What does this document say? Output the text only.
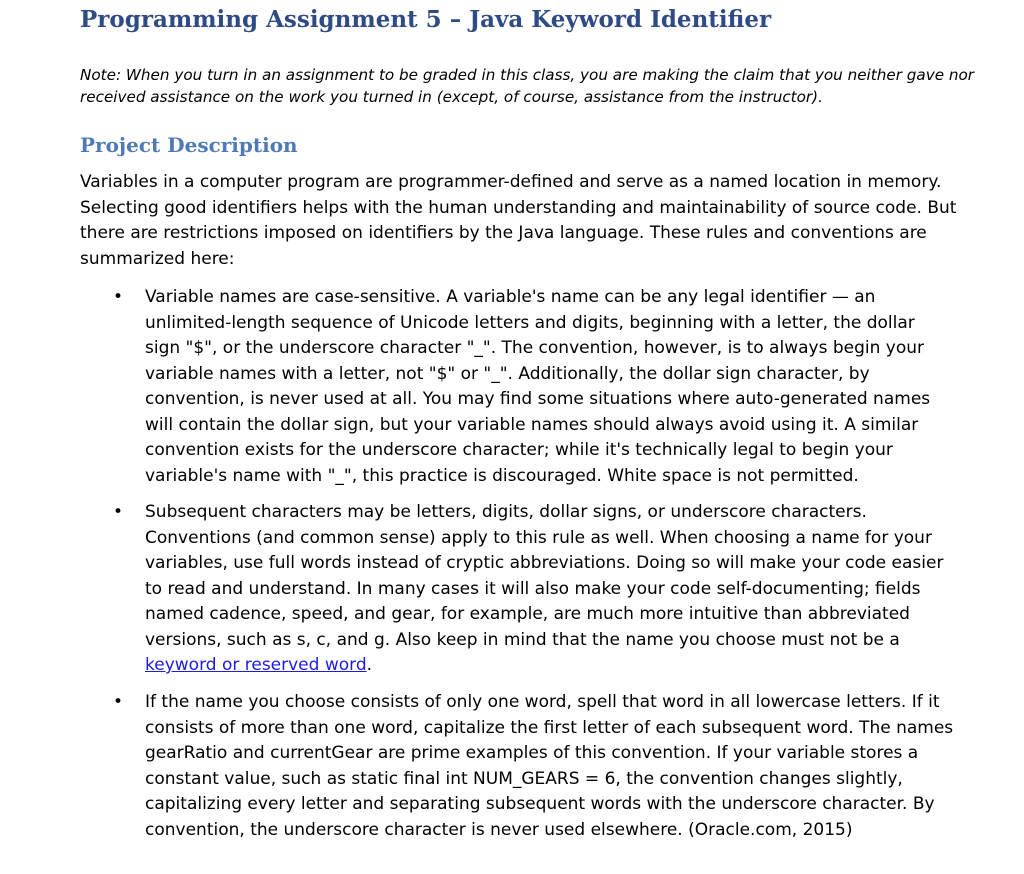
Programming Assignment 5 – Java Keyword Identifier

Note: When you turn in an assignment to be graded in this class, you are making the claim that you neither gave nor received assistance on the work you turned in (except, of course, assistance from the instructor).

Project Description

Variables in a computer program are programmer-defined and serve as a named location in memory. Selecting good identifiers helps with the human understanding and maintainability of source code. But there are restrictions imposed on identifiers by the Java language. These rules and conventions are summarized here:

• Variable names are case-sensitive. A variable's name can be any legal identifier — an unlimited-length sequence of Unicode letters and digits, beginning with a letter, the dollar sign "$", or the underscore character "_". The convention, however, is to always begin your variable names with a letter, not "$" or "_". Additionally, the dollar sign character, by convention, is never used at all. You may find some situations where auto-generated names will contain the dollar sign, but your variable names should always avoid using it. A similar convention exists for the underscore character; while it's technically legal to begin your variable's name with "_", this practice is discouraged. White space is not permitted.

• Subsequent characters may be letters, digits, dollar signs, or underscore characters. Conventions (and common sense) apply to this rule as well. When choosing a name for your variables, use full words instead of cryptic abbreviations. Doing so will make your code easier to read and understand. In many cases it will also make your code self-documenting; fields named cadence, speed, and gear, for example, are much more intuitive than abbreviated versions, such as s, c, and g. Also keep in mind that the name you choose must not be a keyword or reserved word.

• If the name you choose consists of only one word, spell that word in all lowercase letters. If it consists of more than one word, capitalize the first letter of each subsequent word. The names gearRatio and currentGear are prime examples of this convention. If your variable stores a constant value, such as static final int NUM_GEARS = 6, the convention changes slightly, capitalizing every letter and separating subsequent words with the underscore character. By convention, the underscore character is never used elsewhere. (Oracle.com, 2015)
